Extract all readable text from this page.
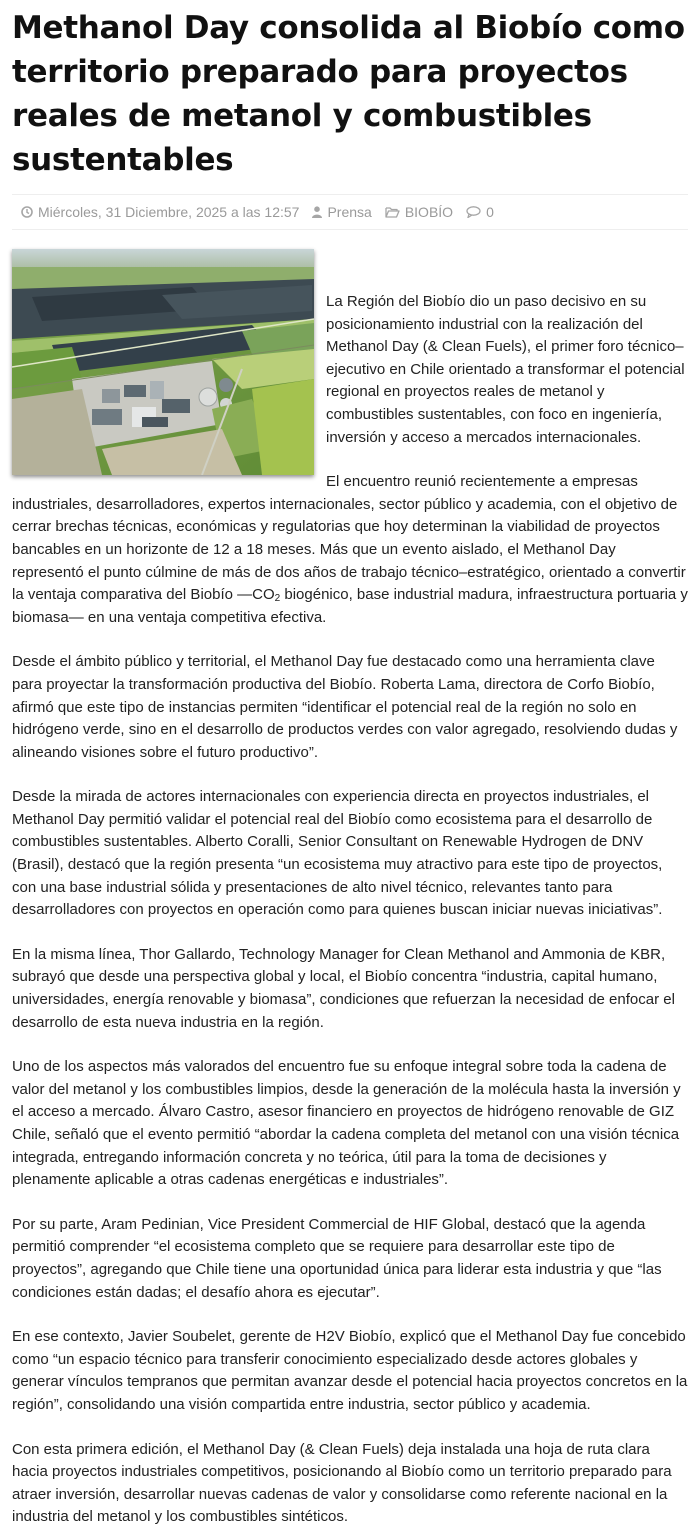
Methanol Day consolida al Biobío como territorio preparado para proyectos reales de metanol y combustibles sustentables
Miércoles, 31 Diciembre, 2025 a las 12:57 Prensa BIOBÍO 0

La Región del Biobío dio un paso decisivo en su posicionamiento industrial con la realización del Methanol Day (& Clean Fuels), el primer foro técnico–ejecutivo en Chile orientado a transformar el potencial regional en proyectos reales de metanol y combustibles sustentables, con foco en ingeniería, inversión y acceso a mercados internacionales.

El encuentro reunió recientemente a empresas industriales, desarrolladores, expertos internacionales, sector público y academia, con el objetivo de cerrar brechas técnicas, económicas y regulatorias que hoy determinan la viabilidad de proyectos bancables en un horizonte de 12 a 18 meses. Más que un evento aislado, el Methanol Day representó el punto cúlmine de más de dos años de trabajo técnico–estratégico, orientado a convertir la ventaja comparativa del Biobío $—CO_2$ biogénico, base industrial madura, infraestructura portuaria y biomasa— en una ventaja competitiva efectiva.

Desde el ámbito público y territorial, el Methanol Day fue destacado como una herramienta clave para proyectar la transformación productiva del Biobío. Roberta Lama, directora de Corfo Biobío, afirmó que este tipo de instancias permiten “identificar el potencial real de la región no solo en hidrógeno verde, sino en el desarrollo de productos verdes con valor agregado, resolviendo dudas y alineando visiones sobre el futuro productivo”.

Desde la mirada de actores internacionales con experiencia directa en proyectos industriales, el Methanol Day permitió validar el potencial real del Biobío como ecosistema para el desarrollo de combustibles sustentables. Alberto Coralli, Senior Consultant on Renewable Hydrogen de DNV (Brasil), destacó que la región presenta “un ecosistema muy atractivo para este tipo de proyectos, con una base industrial sólida y presentaciones de alto nivel técnico, relevantes tanto para desarrolladores con proyectos en operación como para quienes buscan iniciar nuevas iniciativas”.

En la misma línea, Thor Gallardo, Technology Manager for Clean Methanol and Ammonia de KBR, subrayó que desde una perspectiva global y local, el Biobío concentra “industria, capital humano, universidades, energía renovable y biomasa”, condiciones que refuerzan la necesidad de enfocar el desarrollo de esta nueva industria en la región.

Uno de los aspectos más valorados del encuentro fue su enfoque integral sobre toda la cadena de valor del metanol y los combustibles limpios, desde la generación de la molécula hasta la inversión y el acceso a mercado. Álvaro Castro, asesor financiero en proyectos de hidrógeno renovable de GIZ Chile, señaló que el evento permitió “abordar la cadena completa del metanol con una visión técnica integrada, entregando información concreta y no teórica, útil para la toma de decisiones y plenamente aplicable a otras cadenas energéticas e industriales”.

Por su parte, Aram Pedinian, Vice President Commercial de HIF Global, destacó que la agenda permitió comprender “el ecosistema completo que se requiere para desarrollar este tipo de proyectos”, agregando que Chile tiene una oportunidad única para liderar esta industria y que “las condiciones están dadas; el desafío ahora es ejecutar”.

En ese contexto, Javier Soubelet, gerente de H2V Biobío, explicó que el Methanol Day fue concebido como “un espacio técnico para transferir conocimiento especializado desde actores globales y generar vínculos tempranos que permitan avanzar desde el potencial hacia proyectos concretos en la región”, consolidando una visión compartida entre industria, sector público y academia.

Con esta primera edición, el Methanol Day (& Clean Fuels) deja instalada una hoja de ruta clara hacia proyectos industriales competitivos, posicionando al Biobío como un territorio preparado para atraer inversión, desarrollar nuevas cadenas de valor y consolidarse como referente nacional en la industria del metanol y los combustibles sintéticos.
